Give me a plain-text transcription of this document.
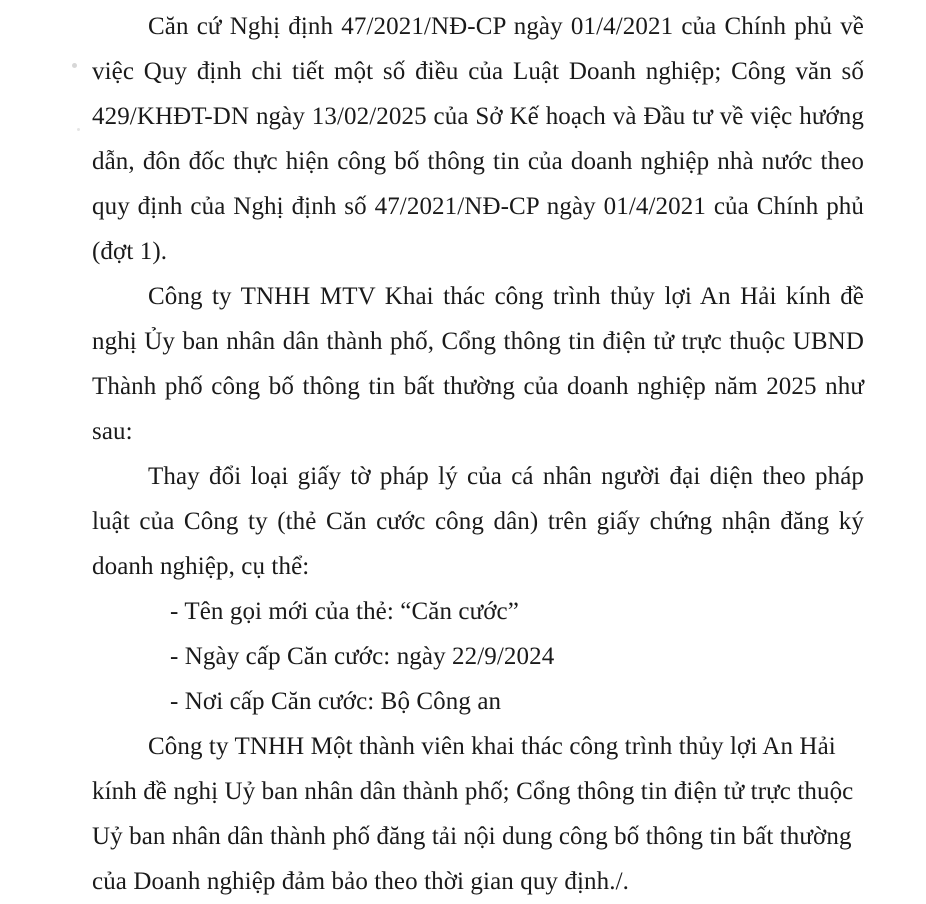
Căn cứ Nghị định 47/2021/NĐ-CP ngày 01/4/2021 của Chính phủ về việc Quy định chi tiết một số điều của Luật Doanh nghiệp; Công văn số 429/KHĐT-DN ngày 13/02/2025 của Sở Kế hoạch và Đầu tư về việc hướng dẫn, đôn đốc thực hiện công bố thông tin của doanh nghiệp nhà nước theo quy định của Nghị định số 47/2021/NĐ-CP ngày 01/4/2021 của Chính phủ (đợt 1).

Công ty TNHH MTV Khai thác công trình thủy lợi An Hải kính đề nghị Ủy ban nhân dân thành phố, Cổng thông tin điện tử trực thuộc UBND Thành phố công bố thông tin bất thường của doanh nghiệp năm 2025 như sau:

Thay đổi loại giấy tờ pháp lý của cá nhân người đại diện theo pháp luật của Công ty (thẻ Căn cước công dân) trên giấy chứng nhận đăng ký doanh nghiệp, cụ thể:

- Tên gọi mới của thẻ: “Căn cước”

- Ngày cấp Căn cước: ngày 22/9/2024

- Nơi cấp Căn cước: Bộ Công an

Công ty TNHH Một thành viên khai thác công trình thủy lợi An Hải kính đề nghị Uỷ ban nhân dân thành phố; Cổng thông tin điện tử trực thuộc Uỷ ban nhân dân thành phố đăng tải nội dung công bố thông tin bất thường của Doanh nghiệp đảm bảo theo thời gian quy định./.
